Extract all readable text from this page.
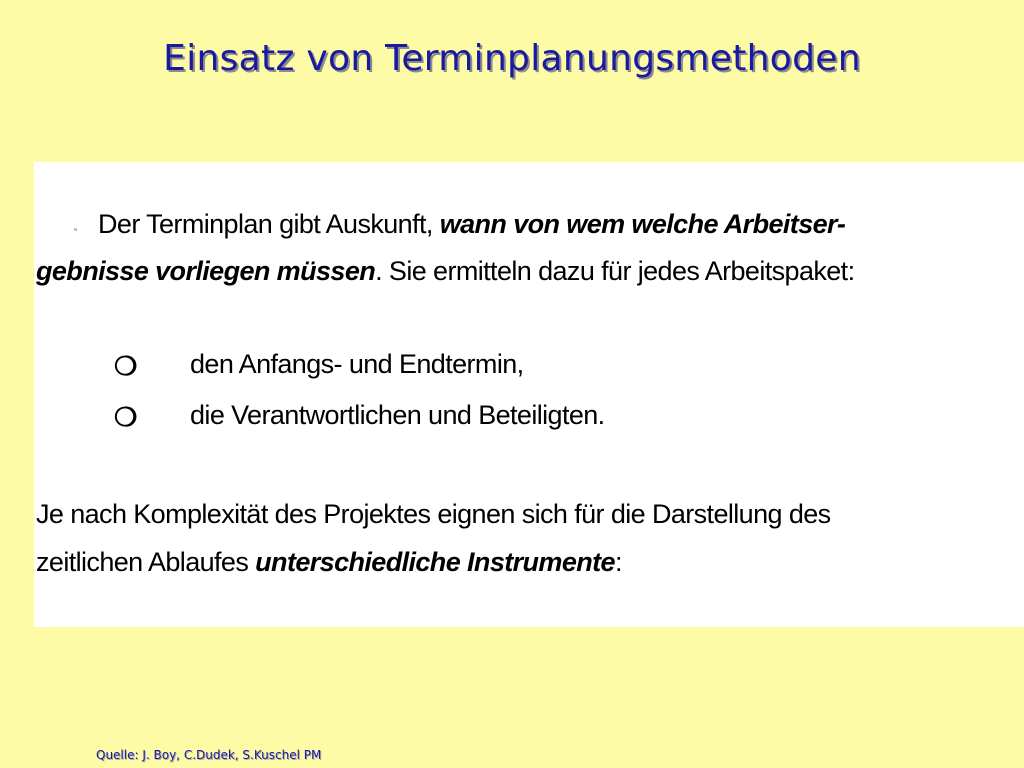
Einsatz von Terminplanungsmethoden
Der Terminplan gibt Auskunft, wann von wem welche Arbeitser-
gebnisse vorliegen müssen. Sie ermitteln dazu für jedes Arbeitspaket:
❍ den Anfangs- und Endtermin,
❍ die Verantwortlichen und Beteiligten.
Je nach Komplexität des Projektes eignen sich für die Darstellung des
zeitlichen Ablaufes unterschiedliche Instrumente:
Quelle: J. Boy, C.Dudek, S.Kuschel PM
